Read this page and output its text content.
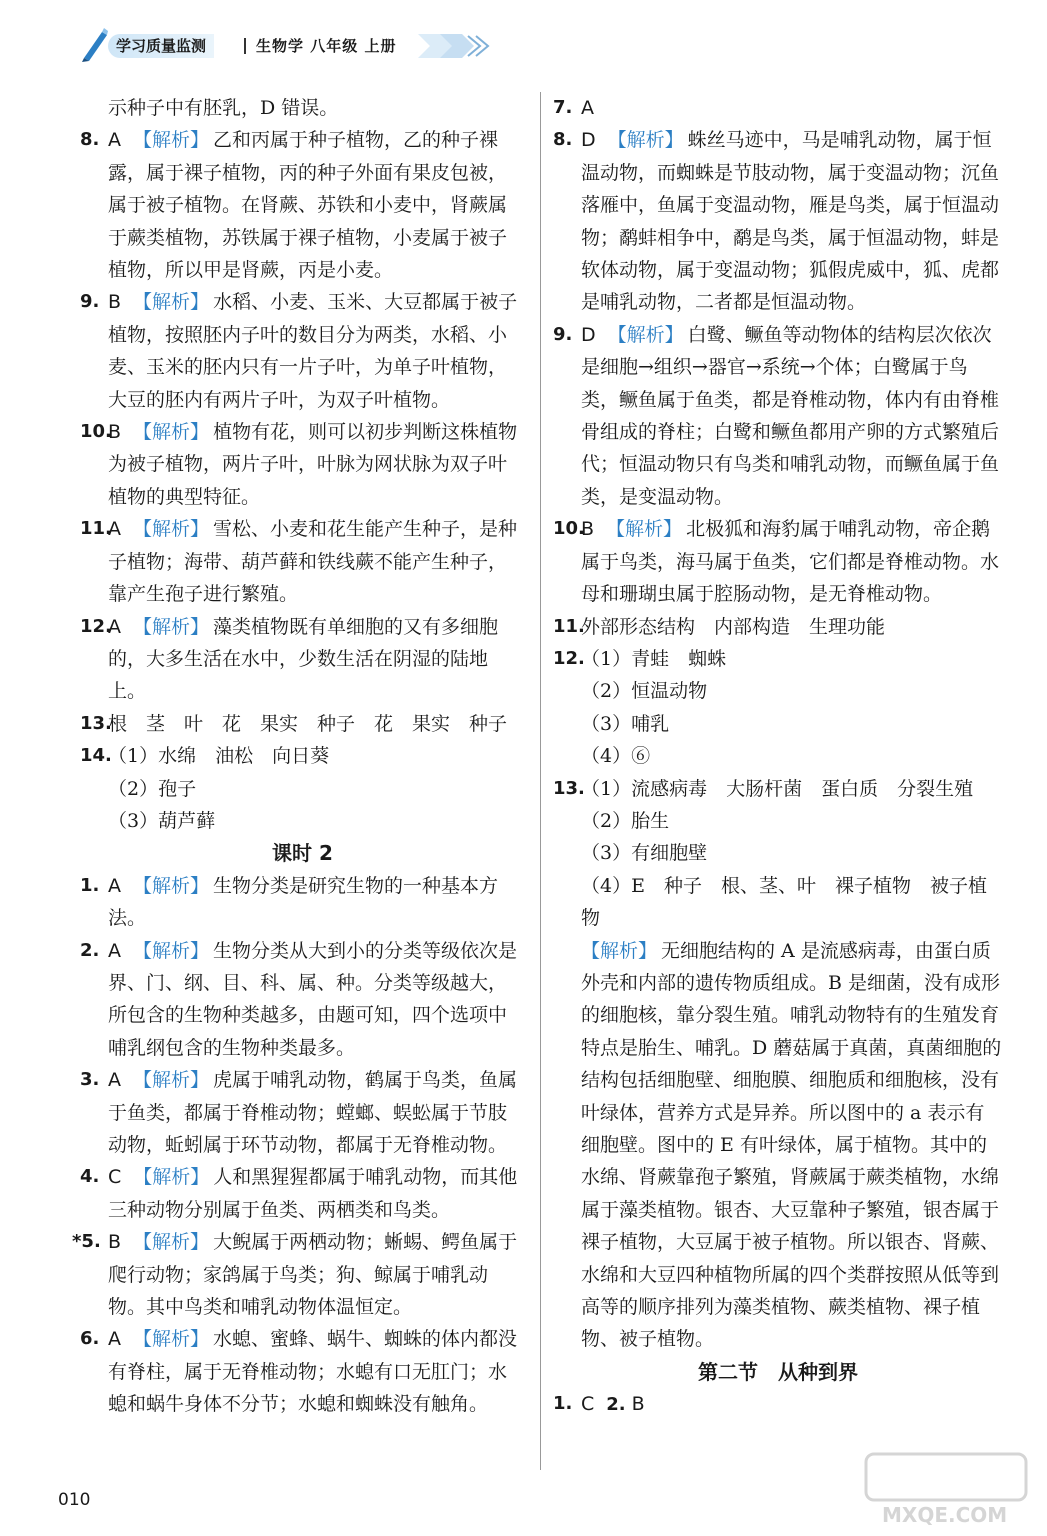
学习质量监测	生物学 八年级 上册
示种子中有胚乳，D 错误。
8. A 【解析】 乙和丙属于种子植物，乙的种子裸露，属于裸子植物，丙的种子外面有果皮包被，属于被子植物。在肾蕨、苏铁和小麦中，肾蕨属于蕨类植物，苏铁属于裸子植物，小麦属于被子植物，所以甲是肾蕨，丙是小麦。
9. B 【解析】 水稻、小麦、玉米、大豆都属于被子植物，按照胚内子叶的数目分为两类，水稻、小麦、玉米的胚内只有一片子叶，为单子叶植物，大豆的胚内有两片子叶，为双子叶植物。
10.
B 【解析】 植物有花，则可以初步判断这株植物为被子植物，两片子叶，叶脉为网状脉为双子叶植物的典型特征。
11.
A 【解析】 雪松、小麦和花生能产生种子，是种子植物；海带、葫芦藓和铁线蕨不能产生种子，靠产生孢子进行繁殖。
12.
A 【解析】 藻类植物既有单细胞的又有多细胞的，大多生活在水中，少数生活在阴湿的陆地上。
13.
根　茎　叶　花　果实　种子　花　果实　种子
14.
（1）水绵　油松　向日葵
（2）孢子
（3）葫芦藓
课时 2
1. A 【解析】 生物分类是研究生物的一种基本方法。
2. A 【解析】 生物分类从大到小的分类等级依次是界、门、纲、目、科、属、种。分类等级越大，所包含的生物种类越多，由题可知，四个选项中哺乳纲包含的生物种类最多。
3. A 【解析】 虎属于哺乳动物，鹤属于鸟类，鱼属于鱼类，都属于脊椎动物；螳螂、蜈蚣属于节肢动物，蚯蚓属于环节动物，都属于无脊椎动物。
4. C 【解析】 人和黑猩猩都属于哺乳动物，而其他三种动物分别属于鱼类、两栖类和鸟类。
*5. B 【解析】 大鲵属于两栖动物；蜥蜴、鳄鱼属于爬行动物；家鸽属于鸟类；狗、鲸属于哺乳动物。其中鸟类和哺乳动物体温恒定。
6. A 【解析】 水螅、蜜蜂、蜗牛、蜘蛛的体内都没有脊柱，属于无脊椎动物；水螅有口无肛门；水螅和蜗牛身体不分节；水螅和蜘蛛没有触角。
7. A
8. D 【解析】 蛛丝马迹中，马是哺乳动物，属于恒温动物，而蜘蛛是节肢动物，属于变温动物；沉鱼落雁中，鱼属于变温动物，雁是鸟类，属于恒温动物；鹬蚌相争中，鹬是鸟类，属于恒温动物，蚌是软体动物，属于变温动物；狐假虎威中，狐、虎都是哺乳动物，二者都是恒温动物。
9. D 【解析】 白鹭、鳜鱼等动物体的结构层次依次是细胞→组织→器官→系统→个体；白鹭属于鸟类，鳜鱼属于鱼类，都是脊椎动物，体内有由脊椎骨组成的脊柱；白鹭和鳜鱼都用产卵的方式繁殖后代；恒温动物只有鸟类和哺乳动物，而鳜鱼属于鱼类，是变温动物。
10.
B 【解析】 北极狐和海豹属于哺乳动物，帝企鹅属于鸟类，海马属于鱼类，它们都是脊椎动物。水母和珊瑚虫属于腔肠动物，是无脊椎动物。
11.
外部形态结构　内部构造　生理功能
12.
（1）青蛙　蜘蛛
（2）恒温动物
（3）哺乳
（4）⑥
13.
（1）流感病毒　大肠杆菌　蛋白质　分裂生殖
（2）胎生
（3）有细胞壁
（4）E　种子　根、茎、叶　裸子植物　被子植物
【解析】 无细胞结构的 A 是流感病毒，由蛋白质外壳和内部的遗传物质组成。B 是细菌，没有成形的细胞核，靠分裂生殖。哺乳动物特有的生殖发育特点是胎生、哺乳。D 蘑菇属于真菌，真菌细胞的结构包括细胞壁、细胞膜、细胞质和细胞核，没有叶绿体，营养方式是异养。所以图中的 a 表示有细胞壁。图中的 E 有叶绿体，属于植物。其中的水绵、肾蕨靠孢子繁殖，肾蕨属于蕨类植物，水绵属于藻类植物。银杏、大豆靠种子繁殖，银杏属于裸子植物，大豆属于被子植物。所以银杏、肾蕨、水绵和大豆四种植物所属的四个类群按照从低等到高等的顺序排列为藻类植物、蕨类植物、裸子植物、被子植物。
第二节　从种到界
1. C 2. B
010
MXQE.COM
